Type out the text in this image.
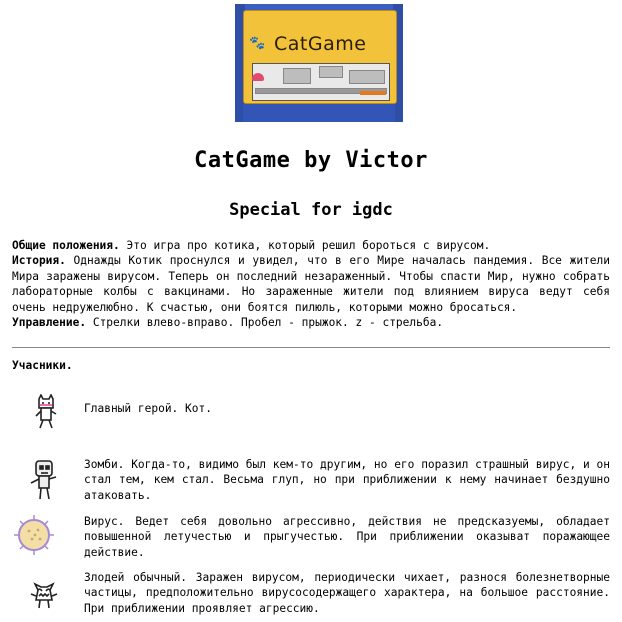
🐾 CatGame
CatGame by Victor
Special for igdc

Общие положения. Это игра про котика, который решил бороться с вирусом.

История. Однажды Котик проснулся и увидел, что в его Мире началась пандемия. Все жители Мира заражены вирусом. Теперь он последний незараженный. Чтобы спасти Мир, нужно собрать лабораторные колбы с вакцинами. Но зараженные жители под влиянием вируса ведут себя очень недружелюбно. К счастью, они боятся пилюль, которыми можно бросаться.

Управление. Стрелки влево-вправо. Пробел - прыжок. z - стрельба.

Учасники.
Главный герой. Кот.
Зомби. Когда-то, видимо был кем-то другим, но его поразил страшный вирус, и он стал тем, кем стал. Весьма глуп, но при приближении к нему начинает бездушно атаковать.
Вирус. Ведет себя довольно агрессивно, действия не предсказуемы, обладает повышенной летучестью и прыгучестью. При приближении оказыват поражающее действие.
Злодей обычный. Заражен вирусом, периодически чихает, разнося болезнетворные частицы, предположительно вирусосодержащего характера, на большое расстояние. При приближении проявляет агрессию.
